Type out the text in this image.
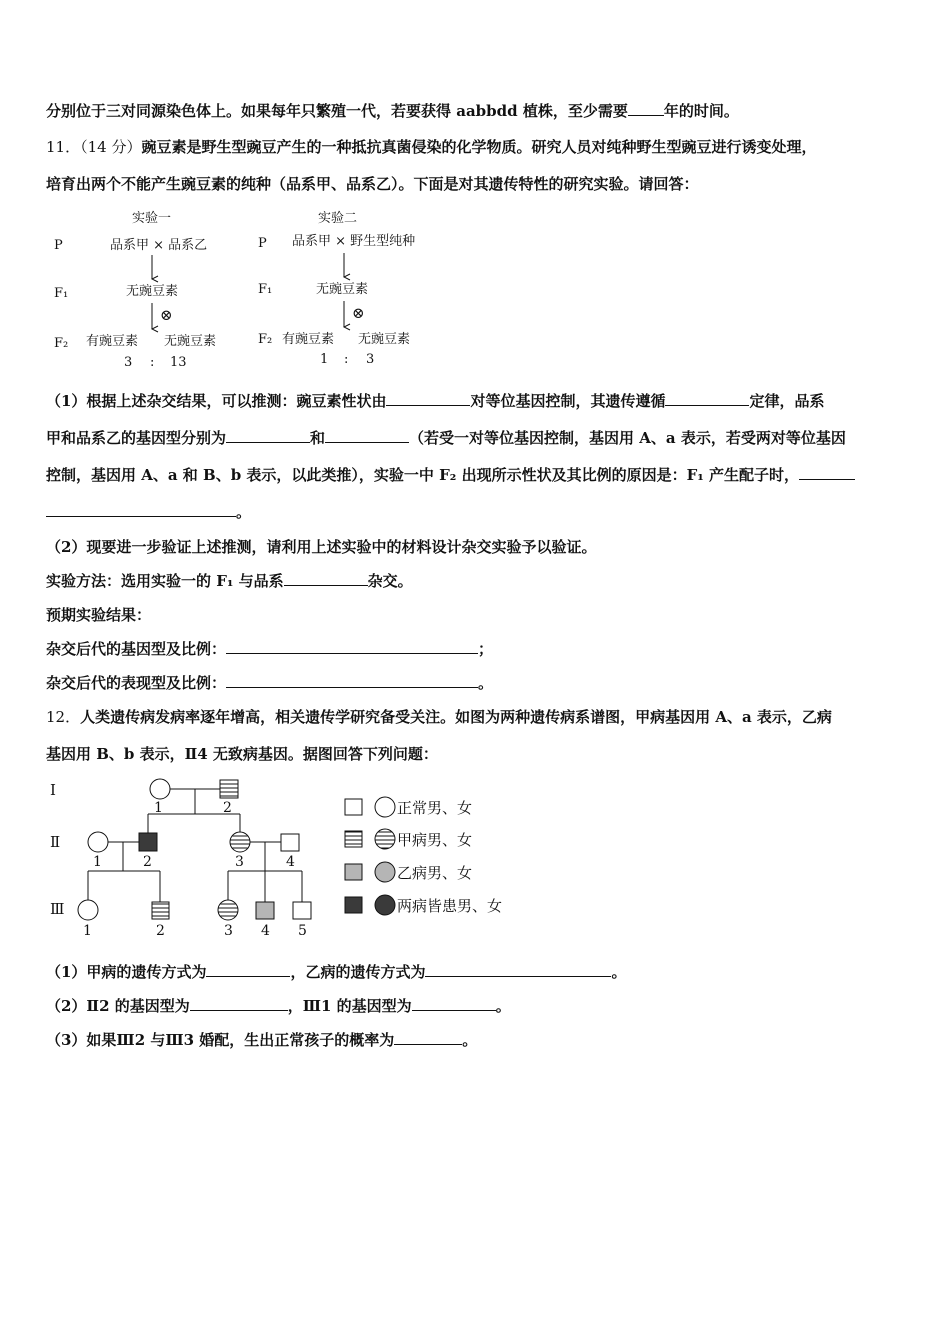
分别位于三对同源染色体上。如果每年只繁殖一代，若要获得 aabbdd 植株，至少需要 年的时间。
11．（14 分）豌豆素是野生型豌豆产生的一种抵抗真菌侵染的化学物质。研究人员对纯种野生型豌豆进行诱变处理，
培育出两个不能产生豌豆素的纯种（品系甲、品系乙）。下面是对其遗传特性的研究实验。请回答：
实验一
P	品系甲 × 品系乙
F₁	无豌豆素
⊗
F₂ 有豌豆素 无豌豆素
3 : 13
实验二
P 品系甲 × 野生型纯种
F₁	无豌豆素
⊗
F₂ 有豌豆素 无豌豆素
1 : 3
（1）根据上述杂交结果，可以推测：豌豆素性状由	对等位基因控制，其遗传遵循	定律，品系
甲和品系乙的基因型分别为	和	（若受一对等位基因控制，基因用 A、a 表示，若受两对等位基因
控制，基因用 A、a 和 B、b 表示，以此类推），实验一中 F₂ 出现所示性状及其比例的原因是：F₁ 产生配子时，
。
（2）现要进一步验证上述推测，请利用上述实验中的材料设计杂交实验予以验证。
实验方法：选用实验一的 F₁ 与品系	杂交。
预期实验结果：
杂交后代的基因型及比例：	；
杂交后代的表现型及比例：	。
12．人类遗传病发病率逐年增高，相关遗传学研究备受关注。如图为两种遗传病系谱图，甲病基因用 A、a 表示，乙病
基因用 B、b 表示，Ⅱ4 无致病基因。据图回答下列问题：
Ⅰ
Ⅱ
Ⅲ
1	2
1	2	3	4
1	2	3 4 5
正常男、女
甲病男、女
乙病男、女
两病皆患男、女
（1）甲病的遗传方式为	，乙病的遗传方式为	。
（2）Ⅱ2 的基因型为	，Ⅲ1 的基因型为	。
（3）如果Ⅲ2 与Ⅲ3 婚配，生出正常孩子的概率为	。
